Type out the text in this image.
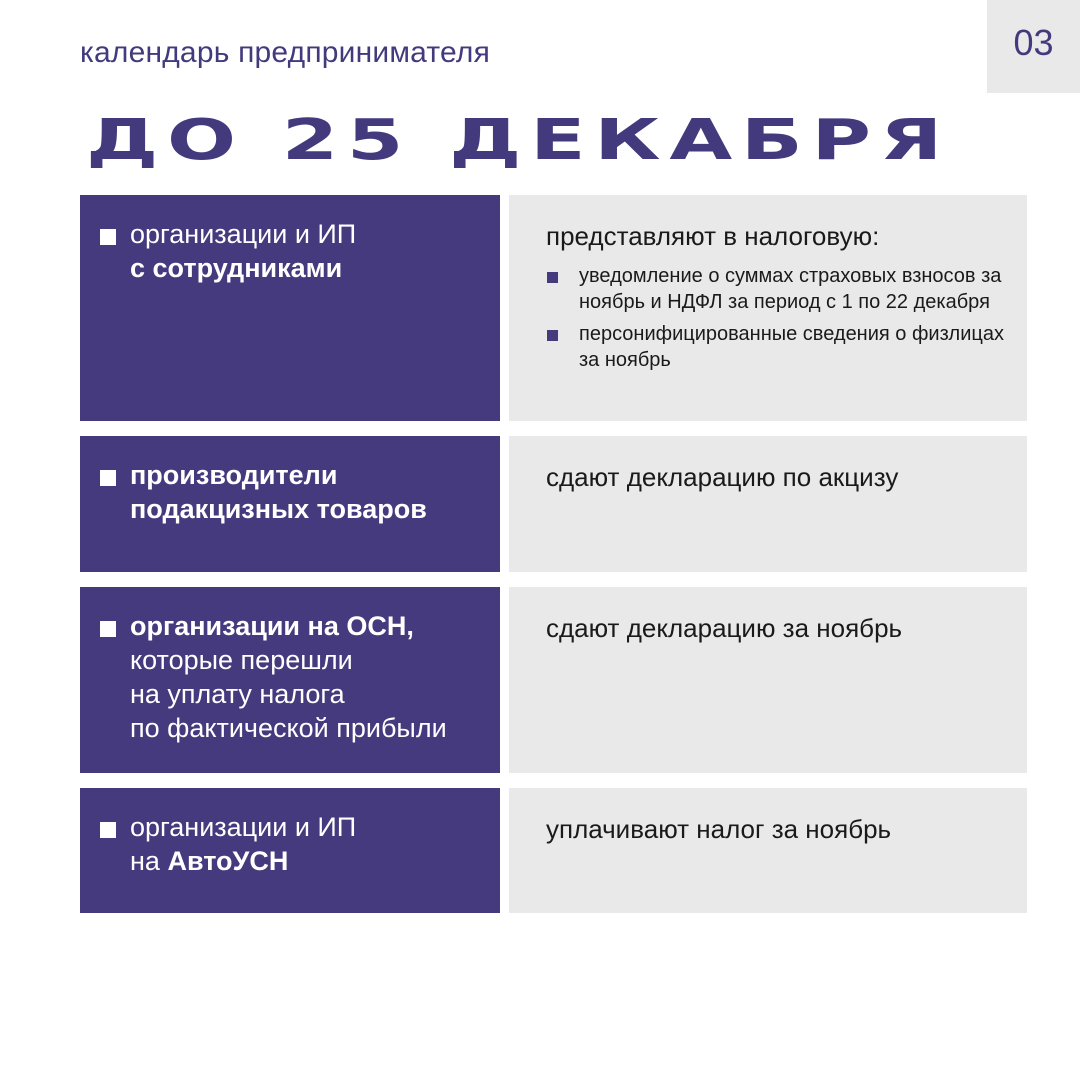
календарь предпринимателя	03
ДО 25 ДЕКАБРЯ
организации и ИП
с сотрудниками
представляют в налоговую:
уведомление о суммах страховых взносов за ноябрь и НДФЛ за период с 1 по 22 декабря
персонифицированные сведения о физлицах за ноябрь
производители
подакцизных товаров
сдают декларацию по акцизу
организации на ОСН,
которые перешли
на уплату налога
по фактической прибыли
сдают декларацию за ноябрь
организации и ИП
на АвтоУСН
уплачивают налог за ноябрь
